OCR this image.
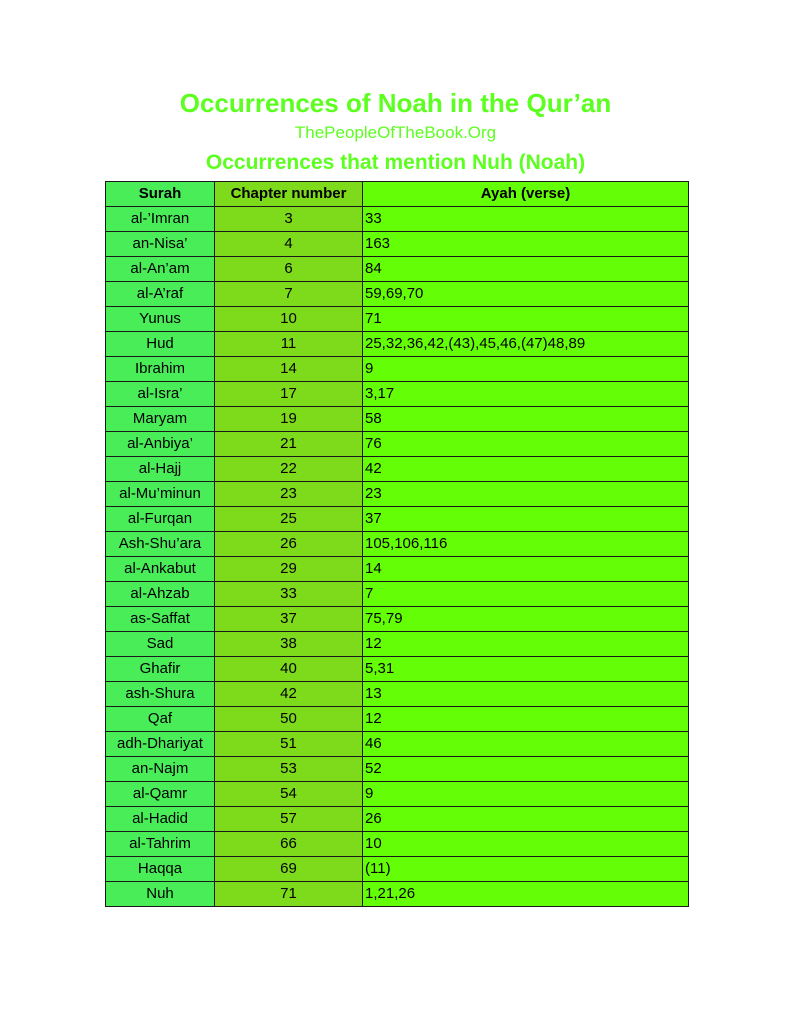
Occurrences of Noah in the Qur’an
ThePeopleOfTheBook.Org
Occurrences that mention Nuh (Noah)
Surah	Chapter number	Ayah (verse)
al-’Imran	3	33
an-Nisa’	4	163
al-An’am	6	84
al-A’raf	7	59,69,70
Yunus	10	71
Hud	11	25,32,36,42,(43),45,46,(47)48,89
Ibrahim	14	9
al-Isra’	17	3,17
Maryam	19	58
al-Anbiya’	21	76
al-Hajj	22	42
al-Mu’minun	23	23
al-Furqan	25	37
Ash-Shu’ara	26	105,106,116
al-Ankabut	29	14
al-Ahzab	33	7
as-Saffat	37	75,79
Sad	38	12
Ghafir	40	5,31
ash-Shura	42	13
Qaf	50	12
adh-Dhariyat	51	46
an-Najm	53	52
al-Qamr	54	9
al-Hadid	57	26
al-Tahrim	66	10
Haqqa	69	(11)
Nuh	71	1,21,26
